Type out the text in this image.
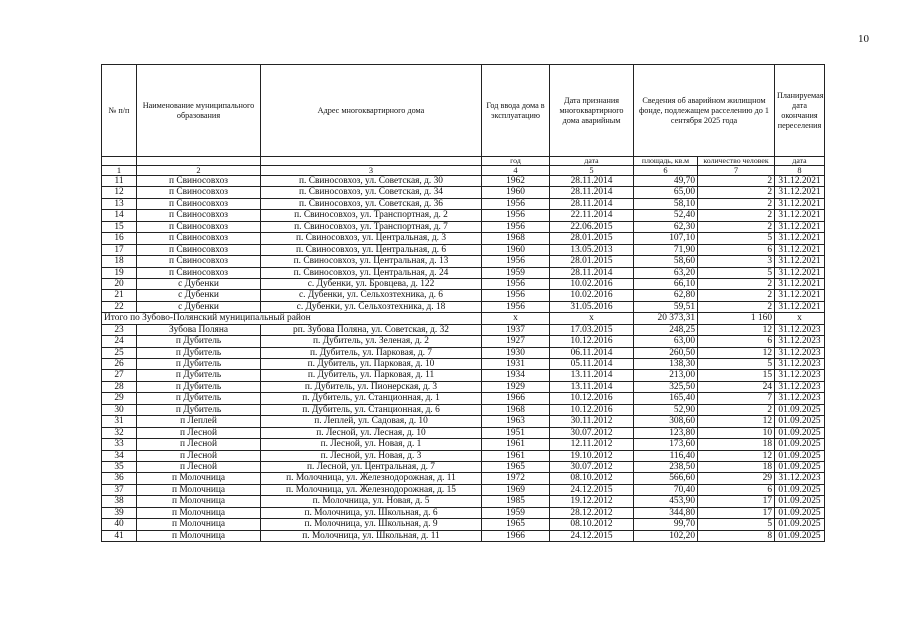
10
№ п/п	Наименование муниципального образования	Адрес многоквартирного дома	Год ввода дома в эксплуатацию	Дата признания многоквартирного дома аварийным	Сведения об аварийном жилищном фонде, подлежащем расселению до 1 сентября 2025 года		Планируемая дата окончания переселения
			год	дата	площадь, кв.м	количество человек	дата
1	2	3	4	5	6	7	8
11	п Свиносовхоз	п. Свиносовхоз, ул. Советская, д. 30	1962	28.11.2014	49,70	2	31.12.2021
12	п Свиносовхоз	п. Свиносовхоз, ул. Советская, д. 34	1960	28.11.2014	65,00	2	31.12.2021
13	п Свиносовхоз	п. Свиносовхоз, ул. Советская, д. 36	1956	28.11.2014	58,10	2	31.12.2021
14	п Свиносовхоз	п. Свиносовхоз, ул. Транспортная, д. 2	1956	22.11.2014	52,40	2	31.12.2021
15	п Свиносовхоз	п. Свиносовхоз, ул. Транспортная, д. 7	1956	22.06.2015	62,30	2	31.12.2021
16	п Свиносовхоз	п. Свиносовхоз, ул. Центральная, д. 3	1968	28.01.2015	107,10	5	31.12.2021
17	п Свиносовхоз	п. Свиносовхоз, ул. Центральная, д. 6	1960	13.05.2013	71,90	6	31.12.2021
18	п Свиносовхоз	п. Свиносовхоз, ул. Центральная, д. 13	1956	28.01.2015	58,60	3	31.12.2021
19	п Свиносовхоз	п. Свиносовхоз, ул. Центральная, д. 24	1959	28.11.2014	63,20	5	31.12.2021
20	с Дубенки	с. Дубенки, ул. Бровцева, д. 122	1956	10.02.2016	66,10	2	31.12.2021
21	с Дубенки	с. Дубенки, ул. Сельхозтехника, д. 6	1956	10.02.2016	62,80	2	31.12.2021
22	с Дубенки	с. Дубенки, ул. Сельхозтехника, д. 18	1956	31.05.2016	59,51	2	31.12.2021
Итого по Зубово-Полянский муниципальный район			х	х	20 373,31	1 160	х
23	Зубова Поляна	рп. Зубова Поляна, ул. Советская, д. 32	1937	17.03.2015	248,25	12	31.12.2023
24	п Дубитель	п. Дубитель, ул. Зеленая, д. 2	1927	10.12.2016	63,00	6	31.12.2023
25	п Дубитель	п. Дубитель, ул. Парковая, д. 7	1930	06.11.2014	260,50	12	31.12.2023
26	п Дубитель	п. Дубитель, ул. Парковая, д. 10	1931	05.11.2014	138,30	5	31.12.2023
27	п Дубитель	п. Дубитель, ул. Парковая, д. 11	1934	13.11.2014	213,00	15	31.12.2023
28	п Дубитель	п. Дубитель, ул. Пионерская, д. 3	1929	13.11.2014	325,50	24	31.12.2023
29	п Дубитель	п. Дубитель, ул. Станционная, д. 1	1966	10.12.2016	165,40	7	31.12.2023
30	п Дубитель	п. Дубитель, ул. Станционная, д. 6	1968	10.12.2016	52,90	2	01.09.2025
31	п Леплей	п. Леплей, ул. Садовая, д. 10	1963	30.11.2012	308,60	12	01.09.2025
32	п Лесной	п. Лесной, ул. Лесная, д. 10	1951	30.07.2012	123,80	10	01.09.2025
33	п Лесной	п. Лесной, ул. Новая, д. 1	1961	12.11.2012	173,60	18	01.09.2025
34	п Лесной	п. Лесной, ул. Новая, д. 3	1961	19.10.2012	116,40	12	01.09.2025
35	п Лесной	п. Лесной, ул. Центральная, д. 7	1965	30.07.2012	238,50	18	01.09.2025
36	п Молочница	п. Молочница, ул. Железнодорожная, д. 11	1972	08.10.2012	566,60	29	31.12.2023
37	п Молочница	п. Молочница, ул. Железнодорожная, д. 15	1969	24.12.2015	70,40	6	01.09.2025
38	п Молочница	п. Молочница, ул. Новая, д. 5	1985	19.12.2012	453,90	17	01.09.2025
39	п Молочница	п. Молочница, ул. Школьная, д. 6	1959	28.12.2012	344,80	17	01.09.2025
40	п Молочница	п. Молочница, ул. Школьная, д. 9	1965	08.10.2012	99,70	5	01.09.2025
41	п Молочница	п. Молочница, ул. Школьная, д. 11	1966	24.12.2015	102,20	8	01.09.2025
